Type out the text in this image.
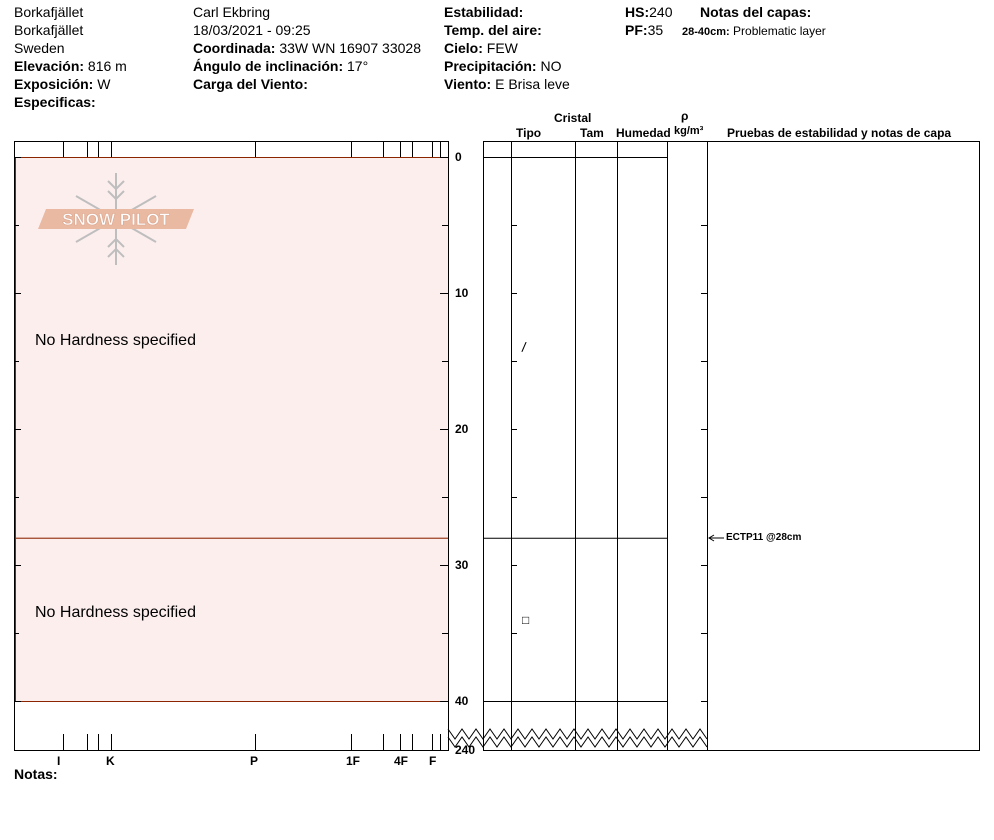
Borkafjället
Borkafjället
Sweden
Elevación: 816 m
Exposición: W
Especificas:
Carl Ekbring
18/03/2021 - 09:25
Coordinada: 33W WN 16907 33028
Ángulo de inclinación: 17°
Carga del Viento:
Estabilidad:
Temp. del aire:
Cielo: FEW
Precipitación: NO
Viento: E Brisa leve
HS:240
PF:35
Notas del capas:
28-40cm: Problematic layer
Cristal
Tipo	Tam Humedad
ρ
kg/m³ Pruebas de estabilidad y notas de capa
SNOW PILOT
ECTP11 @28cm
No Hardness specified
No Hardness specified
/
□
I	K	P	1F	4F F
0
10
20
30
40
240
Notas:
